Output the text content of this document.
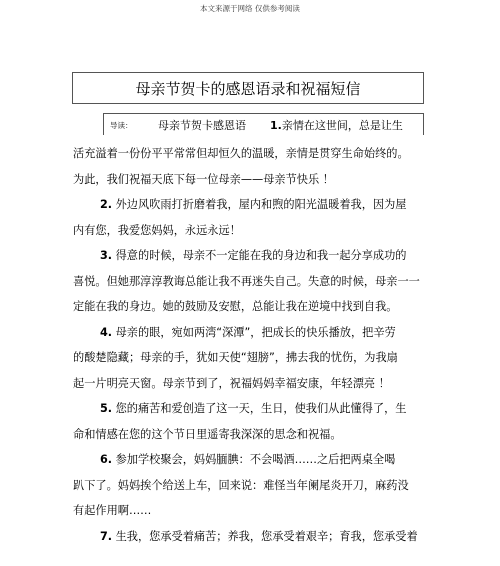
本文来源于网络 仅供参考阅读
母亲节贺卡的感恩语录和祝福短信
导读： 母亲节贺卡感恩语 1.亲情在这世间，总是让生
活充溢着一份份平平常常但却恒久的温暖，亲情是贯穿生命始终的。
为此，我们祝福天底下每一位母亲——母亲节快乐 ！
2. 外边风吹雨打折磨着我，屋内和煦的阳光温暖着我，因为屋
内有您，我爱您妈妈，永远永远！
3. 得意的时候，母亲不一定能在我的身边和我一起分享成功的
喜悦。但她那淳淳教诲总能让我不再迷失自己。失意的时候，母亲一一
定能在我的身边。她的鼓励及安慰，总能让我在逆境中找到自我。
4. 母亲的眼，宛如两湾“深潭”，把成长的快乐播放，把辛劳
的酸楚隐藏；母亲的手，犹如天使“翅膀”，拂去我的忧伤，为我扇
起一片明亮天窗。母亲节到了，祝福妈妈幸福安康，年轻漂亮 ！
5. 您的痛苦和爱创造了这一天，生日，使我们从此懂得了，生
命和情感在您的这个节日里遥寄我深深的思念和祝福。
6. 参加学校聚会，妈妈腼腆：不会喝酒……之后把两桌全喝
趴下了。妈妈挨个给送上车，回来说：难怪当年阑尾炎开刀，麻药没
有起作用啊……
7. 生我，您承受着痛苦；养我，您承受着艰辛；育我，您承受着
